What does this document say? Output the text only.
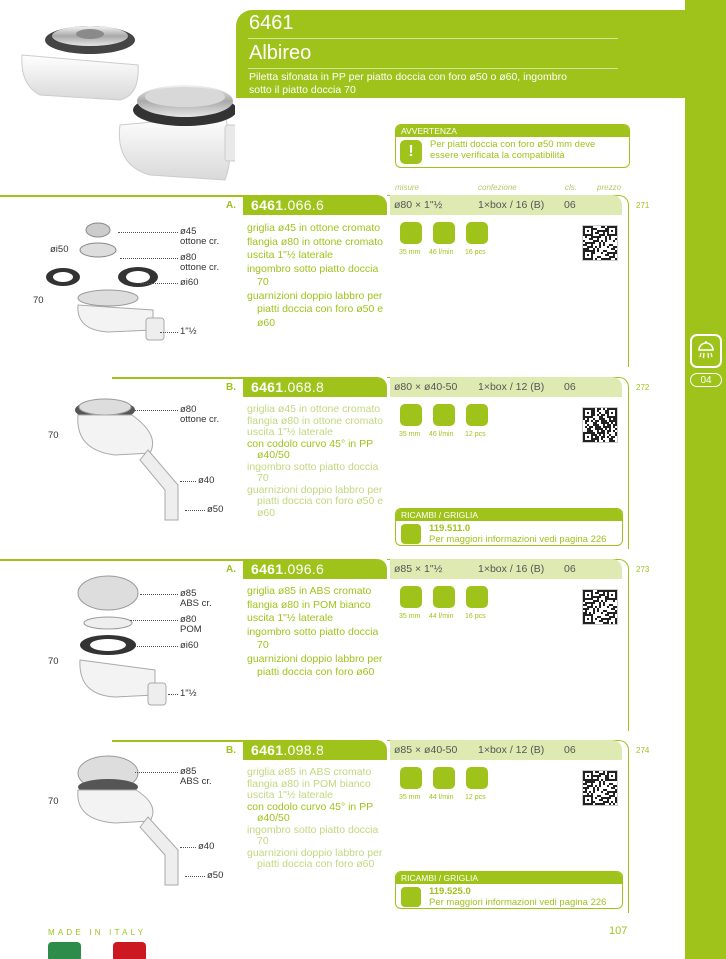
04
6461
Albireo
Piletta sifonata in PP per piatto doccia con foro ø50 o ø60, ingombro sotto il piatto doccia 70
AVVERTENZA
!	Per piatti doccia con foro ø50 mm deve
essere verificata la compatibilità
misure	confezione	cls.	prezzo
A.	6461.066.6	ø80 × 1"½	1×box / 16 (B) 06	271
griglia ø45 in ottone cromato
flangia ø80 in ottone cromato
uscita 1"½ laterale
ingombro sotto piatto doccia 70
guarnizioni doppio labbro per piatti doccia con foro ø50 e ø60
35 mm 46 l/min 16 pcs
ø45
ottone cr.
ø80
ottone cr.
øi60
øi50
70
1"½
B.	6461.068.8	ø80 × ø40-50 1×box / 12 (B) 06	272
griglia ø45 in ottone cromato
flangia ø80 in ottone cromato
uscita 1"½ laterale
con codolo curvo 45° in PP ø40/50
ingombro sotto piatto doccia 70
guarnizioni doppio labbro per piatti doccia con foro ø50 e ø60
35 mm 46 l/min 12 pcs
RICAMBI / GRIGLIA
119.511.0
Per maggiori informazioni vedi pagina 226
ø80
ottone cr.
70
ø40
ø50
A.	6461.096.6	ø85 × 1"½	1×box / 16 (B) 06	273
griglia ø85 in ABS cromato
flangia ø80 in POM bianco
uscita 1"½ laterale
ingombro sotto piatto doccia 70
guarnizioni doppio labbro per piatti doccia con foro ø60
35 mm 44 l/min 16 pcs
ø85
ABS cr.
ø80
POM
øi60
70
1"½
B.	6461.098.8	ø85 × ø40-50 1×box / 12 (B) 06	274
griglia ø85 in ABS cromato
flangia ø80 in POM bianco
uscita 1"½ laterale
con codolo curvo 45° in PP ø40/50
ingombro sotto piatto doccia 70
guarnizioni doppio labbro per piatti doccia con foro ø60
35 mm 44 l/min 12 pcs
RICAMBI / GRIGLIA
119.525.0
Per maggiori informazioni vedi pagina 226
ø85
ABS cr.
70
ø40
ø50
MADE IN ITALY	107
